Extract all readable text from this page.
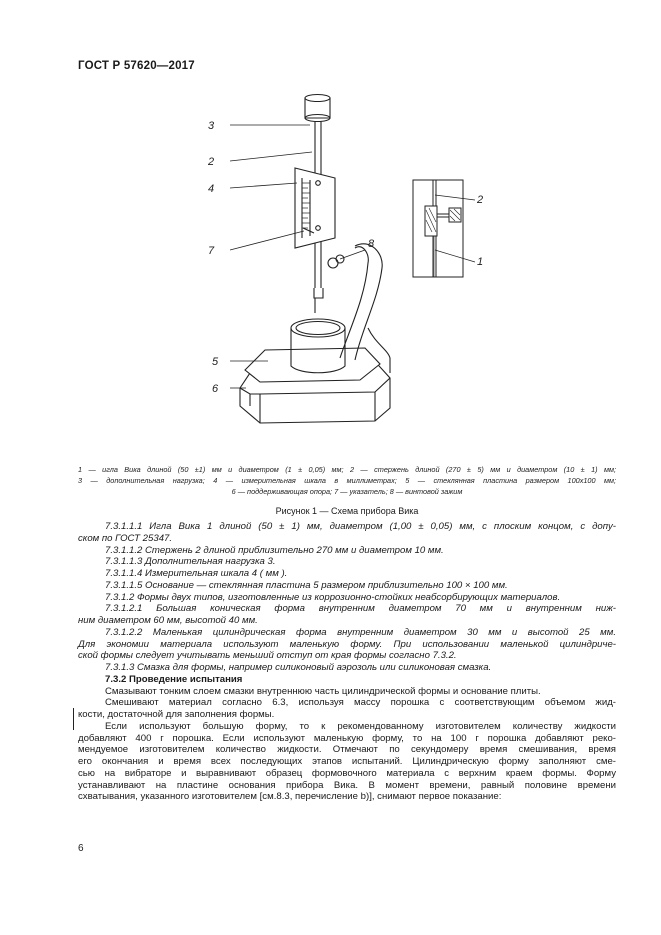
ГОСТ Р 57620—2017
3
2
4
7
8
5
6
2
1
1 — игла Вика длиной (50 ±1) мм и диаметром (1 ± 0,05) мм; 2 — стержень длиной (270 ± 5) мм и диаметром (10 ± 1) мм;
3 — дополнительная нагрузка; 4 — измерительная шкала в миллиметрах; 5 — стеклянная пластина размером 100х100 мм;
6 — поддерживающая опора; 7 — указатель; 8 — винтовой зажим
Рисунок 1 — Схема прибора Вика

7.3.1.1.1 Игла Вика 1 длиной (50 ± 1) мм, диаметром (1,00 ± 0,05) мм, с плоским концом, с допу-

ском по ГОСТ 25347.

7.3.1.1.2 Стержень 2 длиной приблизительно 270 мм и диаметром 10 мм.

7.3.1.1.3 Дополнительная нагрузка 3.

7.3.1.1.4 Измерительная шкала 4 ( мм ).

7.3.1.1.5 Основание — стеклянная пластина 5 размером приблизительно 100 × 100 мм.

7.3.1.2 Формы двух типов, изготовленные из коррозионно-стойких неабсорбирующих материалов.

7.3.1.2.1 Большая коническая форма внутренним диаметром 70 мм и внутренним ниж-

ним диаметром 60 мм, высотой 40 мм.

7.3.1.2.2 Маленькая цилиндрическая форма внутренним диаметром 30 мм и высотой 25 мм.

Для экономии материала используют маленькую форму. При использовании маленькой цилиндриче-

ской формы следует учитывать меньший отступ от края формы согласно 7.3.2.

7.3.1.3 Смазка для формы, например силиконовый аэрозоль или силиконовая смазка.

7.3.2 Проведение испытания

Смазывают тонким слоем смазки внутреннюю часть цилиндрической формы и основание плиты.

Смешивают материал согласно 6.3, используя массу порошка с соответствующим объемом жид-

кости, достаточной для заполнения формы.

Если используют большую форму, то к рекомендованному изготовителем количеству жидкости

добавляют 400 г порошка. Если используют маленькую форму, то на 100 г порошка добавляют реко-

мендуемое изготовителем количество жидкости. Отмечают по секундомеру время смешивания, время

его окончания и время всех последующих этапов испытаний. Цилиндрическую форму заполняют сме-

сью на вибраторе и выравнивают образец формовочного материала с верхним краем формы. Форму

устанавливают на пластине основания прибора Вика. В момент времени, равный половине времени

схватывания, указанного изготовителем [см.8.3, перечисление b)], снимают первое показание:

6
